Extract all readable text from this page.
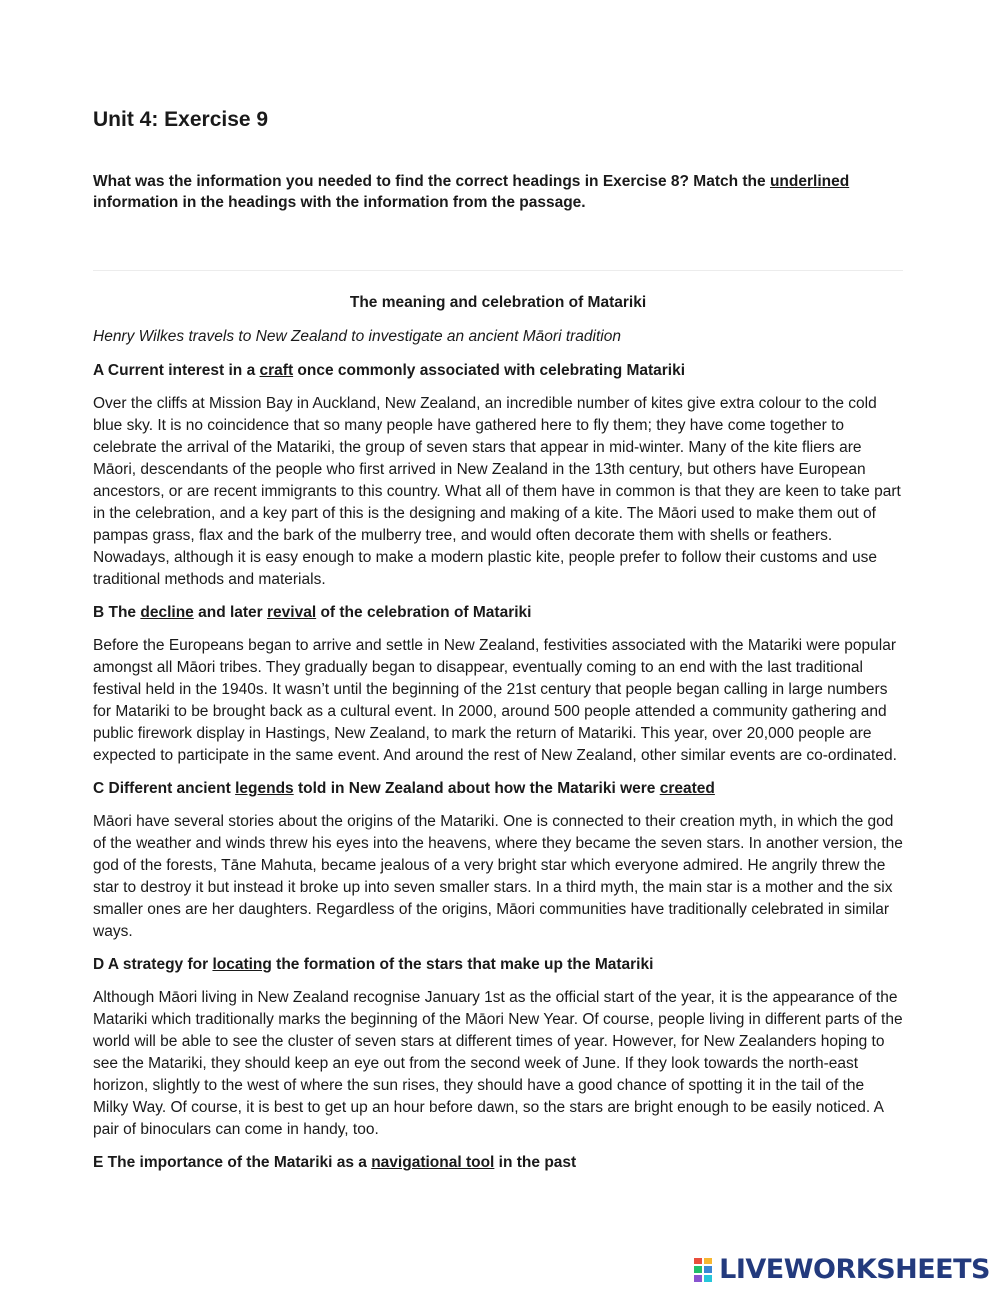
Unit 4: Exercise 9

What was the information you needed to find the correct headings in Exercise 8? Match the underlined information in the headings with the information from the passage.

The meaning and celebration of Matariki

Henry Wilkes travels to New Zealand to investigate an ancient Māori tradition

A Current interest in a craft once commonly associated with celebrating Matariki

Over the cliffs at Mission Bay in Auckland, New Zealand, an incredible number of kites give extra colour to the cold blue sky. It is no coincidence that so many people have gathered here to fly them; they have come together to celebrate the arrival of the Matariki, the group of seven stars that appear in mid-winter. Many of the kite fliers are Māori, descendants of the people who first arrived in New Zealand in the 13th century, but others have European ancestors, or are recent immigrants to this country. What all of them have in common is that they are keen to take part in the celebration, and a key part of this is the designing and making of a kite. The Māori used to make them out of pampas grass, flax and the bark of the mulberry tree, and would often decorate them with shells or feathers. Nowadays, although it is easy enough to make a modern plastic kite, people prefer to follow their customs and use traditional methods and materials.

B The decline and later revival of the celebration of Matariki

Before the Europeans began to arrive and settle in New Zealand, festivities associated with the Matariki were popular amongst all Māori tribes. They gradually began to disappear, eventually coming to an end with the last traditional festival held in the 1940s. It wasn’t until the beginning of the 21st century that people began calling in large numbers for Matariki to be brought back as a cultural event. In 2000, around 500 people attended a community gathering and public firework display in Hastings, New Zealand, to mark the return of Matariki. This year, over 20,000 people are expected to participate in the same event. And around the rest of New Zealand, other similar events are co-ordinated.

C Different ancient legends told in New Zealand about how the Matariki were created

Māori have several stories about the origins of the Matariki. One is connected to their creation myth, in which the god of the weather and winds threw his eyes into the heavens, where they became the seven stars. In another version, the god of the forests, Tāne Mahuta, became jealous of a very bright star which everyone admired. He angrily threw the star to destroy it but instead it broke up into seven smaller stars. In a third myth, the main star is a mother and the six smaller ones are her daughters. Regardless of the origins, Māori communities have traditionally celebrated in similar ways.

D A strategy for locating the formation of the stars that make up the Matariki

Although Māori living in New Zealand recognise January 1st as the official start of the year, it is the appearance of the Matariki which traditionally marks the beginning of the Māori New Year. Of course, people living in different parts of the world will be able to see the cluster of seven stars at different times of year. However, for New Zealanders hoping to see the Matariki, they should keep an eye out from the second week of June. If they look towards the north-east horizon, slightly to the west of where the sun rises, they should have a good chance of spotting it in the tail of the Milky Way. Of course, it is best to get up an hour before dawn, so the stars are bright enough to be easily noticed. A pair of binoculars can come in handy, too.

E The importance of the Matariki as a navigational tool in the past

LIVEWORKSHEETS
